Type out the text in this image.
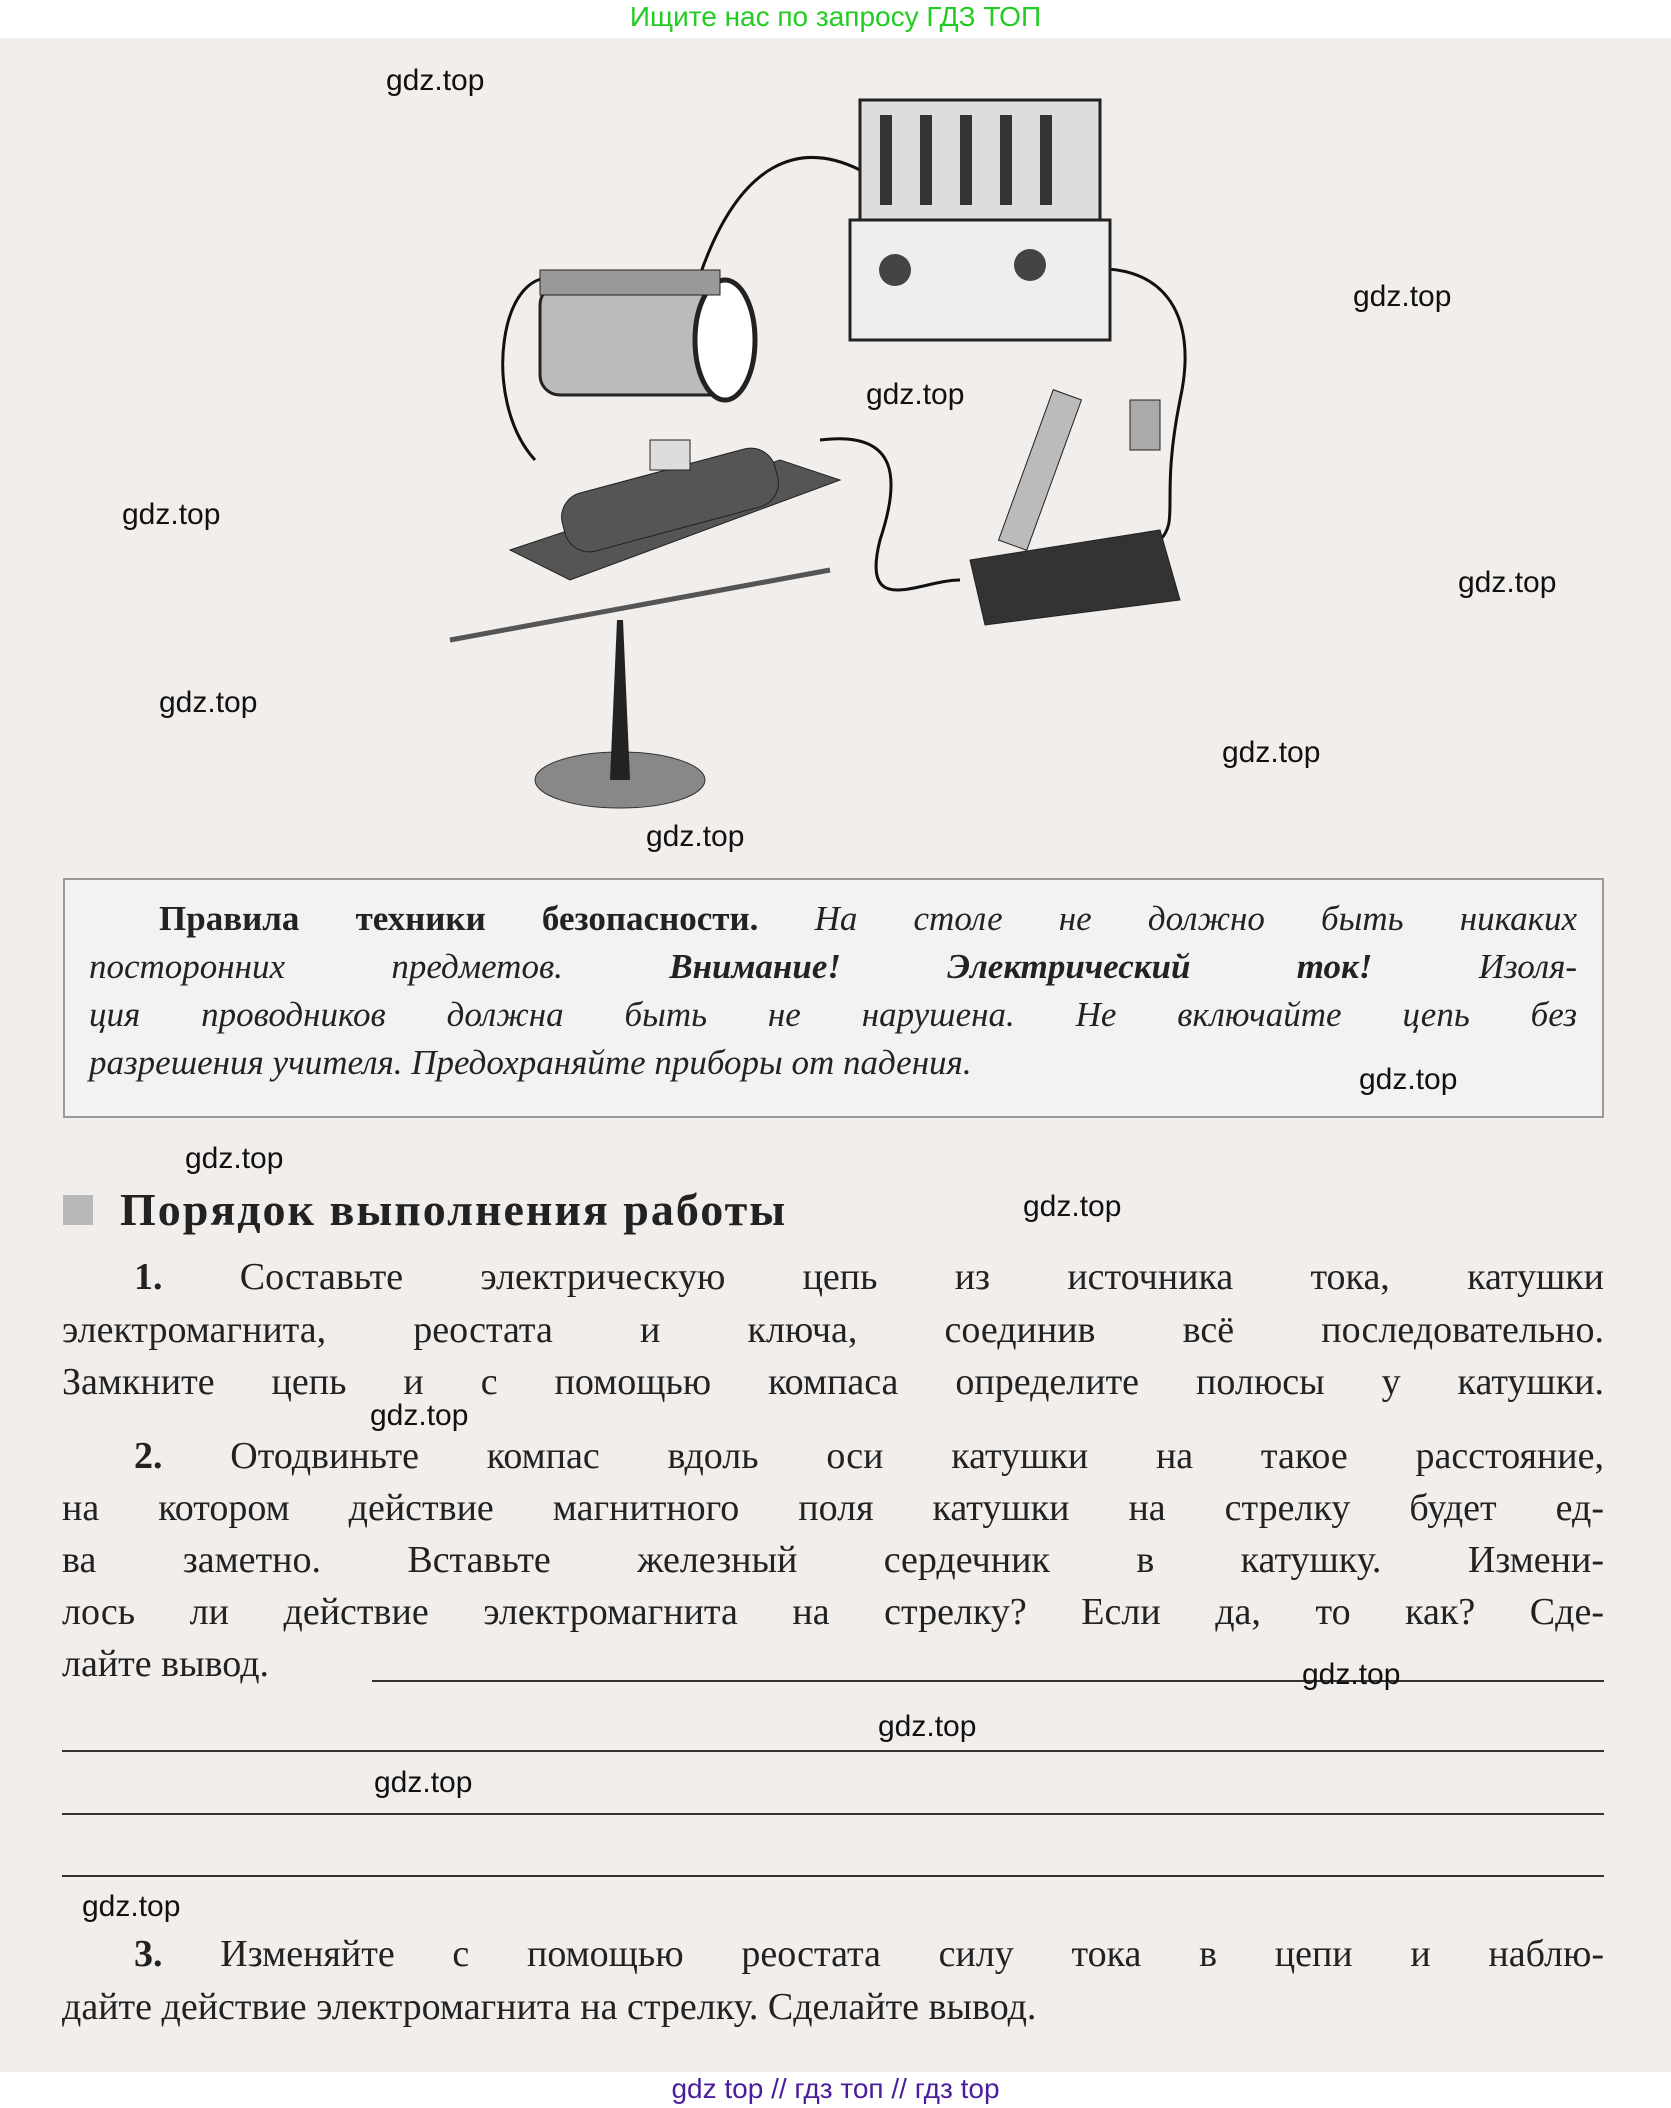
Ищите нас по запросу ГДЗ ТОП
gdz.top
gdz.top
gdz.top
gdz.top
gdz.top
gdz.top
gdz.top
gdz.top
Правила техники безопасности. На столе не должно быть никаких
посторонних предметов.	Внимание! Электрический ток!	Изоля-
ция проводников должна быть не нарушена. Не включайте цепь без
разрешения учителя. Предохраняйте приборы от падения.	gdz.top
gdz.top
Порядок выполнения работы	gdz.top
1. Составьте электрическую цепь из источника тока, катушки
электромагнита, реостата и ключа, соединив всё последовательно.
Замкните цепь и с помощью компаса определите полюсы у катушки.
gdz.top
2. Отодвиньте компас вдоль оси катушки на такое расстояние,
на котором действие магнитного поля катушки на стрелку будет ед-
ва заметно. Вставьте железный сердечник в катушку. Измени-
лось ли действие электромагнита на стрелку? Если да, то как? Сде-
лайте вывод.	gdz.top
gdz.top
gdz.top
gdz.top
3. Изменяйте с помощью реостата силу тока в цепи и наблю-
дайте действие электромагнита на стрелку. Сделайте вывод.
gdz top // гдз топ // гдз top
